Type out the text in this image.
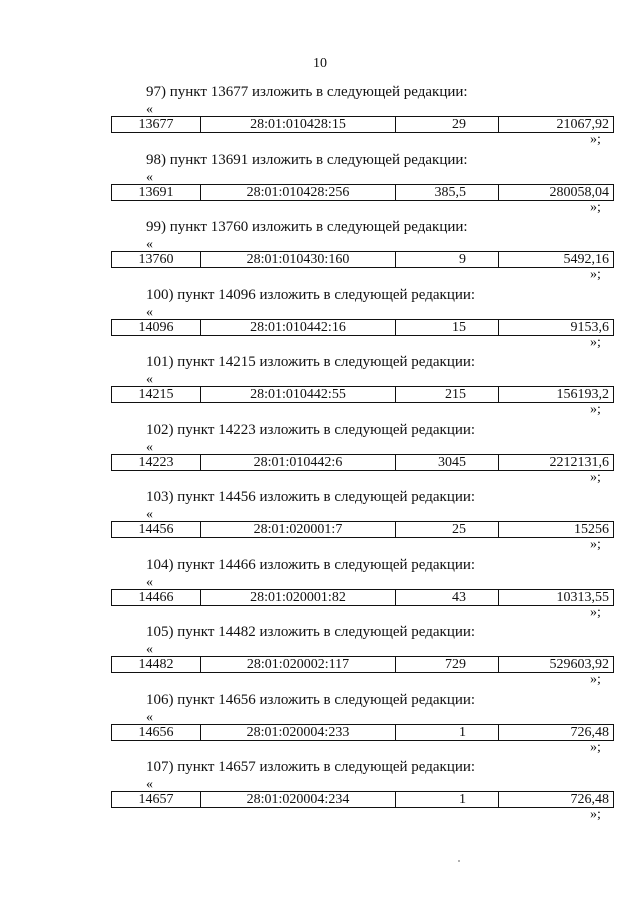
10
97) пункт 13677 изложить в следующей редакции:
«
13677	28:01:010428:15	29	21067,92
»;
98) пункт 13691 изложить в следующей редакции:
«
13691	28:01:010428:256	385,5	280058,04
»;
99) пункт 13760 изложить в следующей редакции:
«
13760	28:01:010430:160	9	5492,16
»;
100) пункт 14096 изложить в следующей редакции:
«
14096	28:01:010442:16	15	9153,6
»;
101) пункт 14215 изложить в следующей редакции:
«
14215	28:01:010442:55	215	156193,2
»;
102) пункт 14223 изложить в следующей редакции:
«
14223	28:01:010442:6	3045	2212131,6
»;
103) пункт 14456 изложить в следующей редакции:
«
14456	28:01:020001:7	25	15256
»;
104) пункт 14466 изложить в следующей редакции:
«
14466	28:01:020001:82	43	10313,55
»;
105) пункт 14482 изложить в следующей редакции:
«
14482	28:01:020002:117	729	529603,92
»;
106) пункт 14656 изложить в следующей редакции:
«
14656	28:01:020004:233	1	726,48
»;
107) пункт 14657 изложить в следующей редакции:
«
14657	28:01:020004:234	1	726,48
»;
